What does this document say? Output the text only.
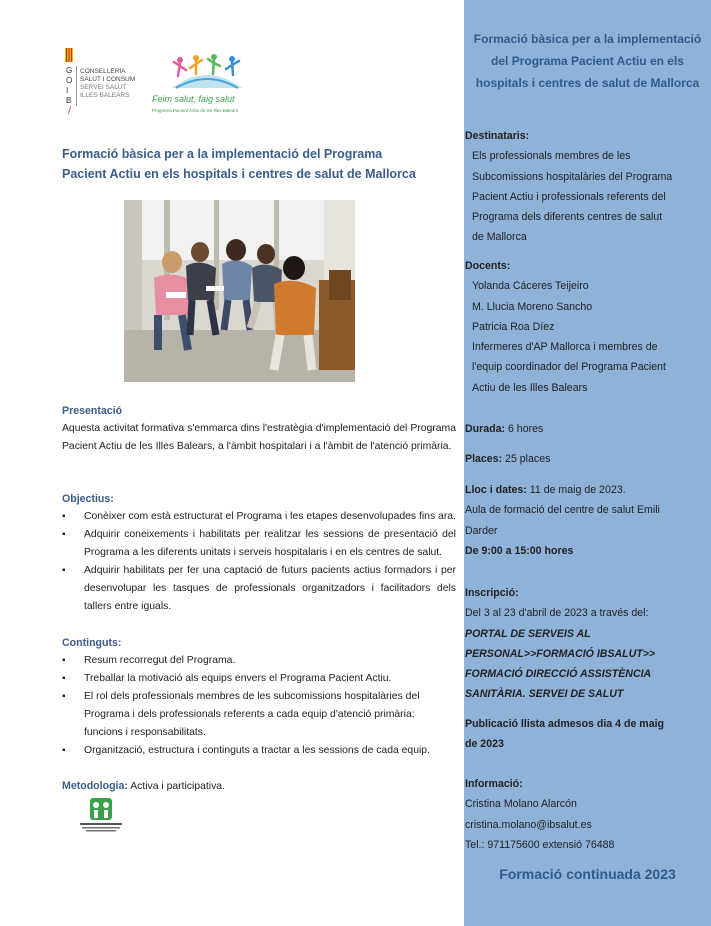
G
O
I
B
CONSELLERIA
SALUT I CONSUM
SERVEI SALUT
ILLES BALEARS
/
Feim salut, faig salut
Programa Pacient Actiu de les Illes Balears
Formació bàsica per a la implementació del Programa Pacient Actiu en els hospitals i centres de salut de Mallorca
Presentació
Aquesta activitat formativa s'emmarca dins l'estratègia d'implementació del Programa Pacient Actiu de les Illes Balears, a l'àmbit hospitalari i a l'àmbit de l'atenció primària.
Objectius:
▪ Conèixer com està estructurat el Programa i les etapes desenvolupades fins ara.
▪ Adquirir coneixements i habilitats per realitzar les sessions de presentació del Programa a les diferents unitats i serveis hospitalaris i en els centres de salut.
▪ Adquirir habilitats per fer una captació de futurs pacients actius formadors i per desenvolupar les tasques de professionals organitzadors i facilitadors dels tallers entre iguals.
Continguts:
▪ Resum recorregut del Programa.
▪ Treballar la motivació als equips envers el Programa Pacient Actiu.
▪ El rol dels professionals membres de les subcomissions hospitalàries del Programa i dels professionals referents a cada equip d'atenció primària: funcions i responsabilitats.
▪ Organització, estructura i continguts a tractar a les sessions de cada equip.
Metodologia: Activa i participativa.
Formació bàsica per a la implementació del Programa Pacient Actiu en els hospitals i centres de salut de Mallorca
Destinataris:
Els professionals membres de les
Subcomissions hospitalàries del Programa
Pacient Actiu i professionals referents del
Programa dels diferents centres de salut
de Mallorca
Docents:
Yolanda Cáceres Teijeiro
M. Llucia Moreno Sancho
Patricia Roa Díez
Infermeres d'AP Mallorca i membres de
l'equip coordinador del Programa Pacient
Actiu de les Illes Balears
Durada: 6 hores
Places: 25 places
Lloc i dates: 11 de maig de 2023.
Aula de formació del centre de salut Emili
Darder
De 9:00 a 15:00 hores
Inscripció:
Del 3 al 23 d'abril de 2023 a través del:
PORTAL DE SERVEIS AL
PERSONAL>>FORMACIÓ IBSALUT>>
FORMACIÓ DIRECCIÓ ASSISTÈNCIA
SANITÀRIA. SERVEI DE SALUT
Publicació llista admesos dia 4 de maig
de 2023
Informació:
Cristina Molano Alarcón
cristina.molano@ibsalut.es
Tel.: 971175600 extensió 76488
Formació continuada 2023
